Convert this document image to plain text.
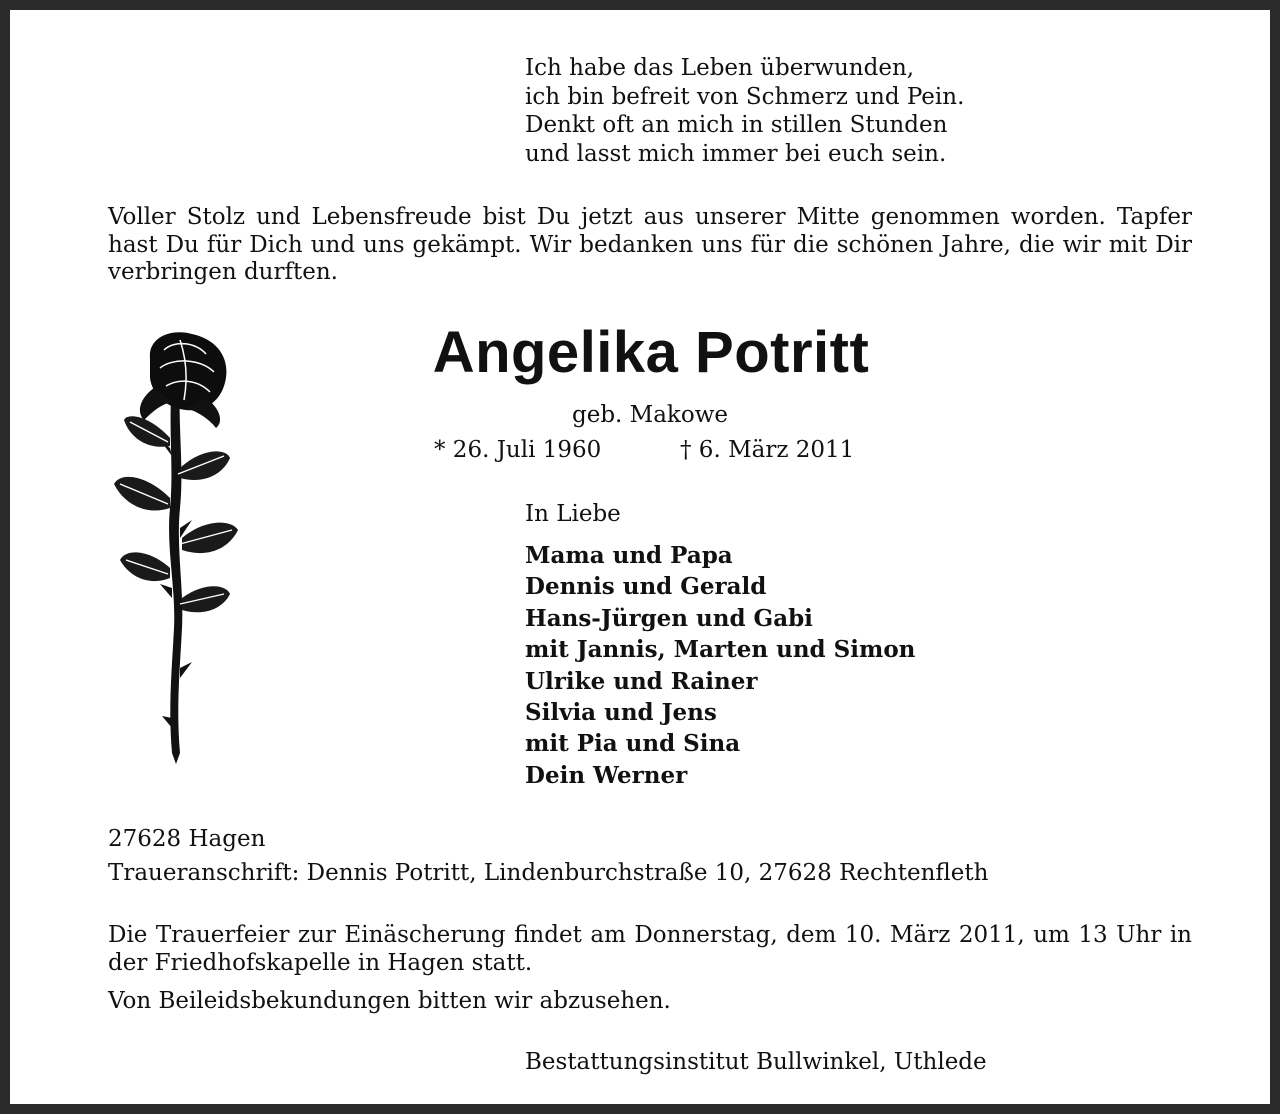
Ich habe das Leben überwunden,
ich bin befreit von Schmerz und Pein.
Denkt oft an mich in stillen Stunden
und lasst mich immer bei euch sein.
Voller Stolz und Lebensfreude bist Du jetzt aus unserer Mitte genommen worden. Tapfer hast Du für Dich und uns gekämpt. Wir bedanken uns für die schönen Jahre, die wir mit Dir verbringen durften.
Angelika Potritt
geb. Makowe
* 26. Juli 1960	† 6. März 2011
In Liebe
Mama und Papa
Dennis und Gerald
Hans-Jürgen und Gabi
mit Jannis, Marten und Simon
Ulrike und Rainer
Silvia und Jens
mit Pia und Sina
Dein Werner
27628 Hagen
Traueranschrift: Dennis Potritt, Lindenburchstraße 10, 27628 Rechtenfleth
Die Trauerfeier zur Einäscherung findet am Donnerstag, dem 10. März 2011, um 13 Uhr in der Friedhofskapelle in Hagen statt.
Von Beileidsbekundungen bitten wir abzusehen.
Bestattungsinstitut Bullwinkel, Uthlede
